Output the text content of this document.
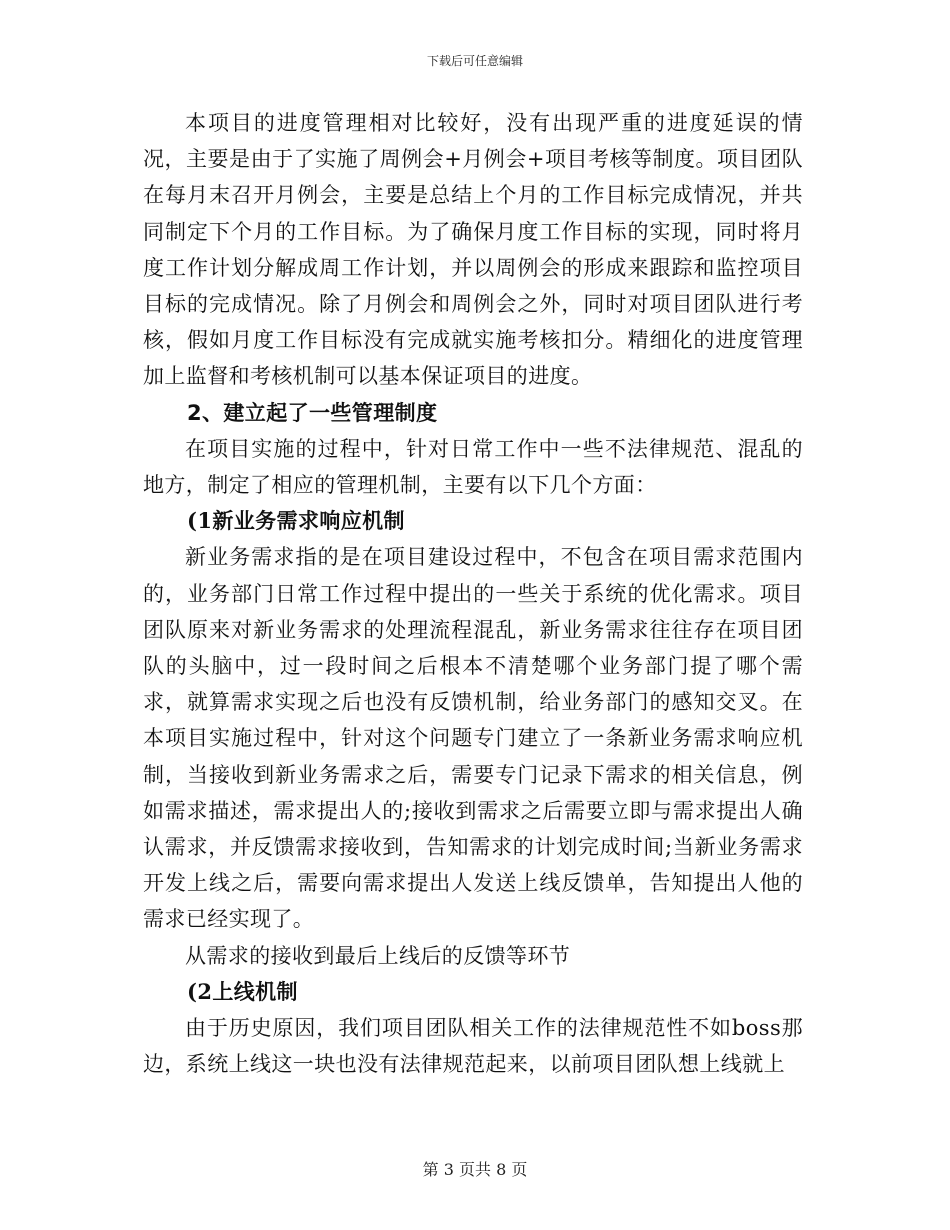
下载后可任意编辑

本项目的进度管理相对比较好，没有出现严重的进度延误的情况，主要是由于了实施了周例会+月例会+项目考核等制度。项目团队在每月末召开月例会，主要是总结上个月的工作目标完成情况，并共同制定下个月的工作目标。为了确保月度工作目标的实现，同时将月度工作计划分解成周工作计划，并以周例会的形成来跟踪和监控项目目标的完成情况。除了月例会和周例会之外，同时对项目团队进行考核，假如月度工作目标没有完成就实施考核扣分。精细化的进度管理加上监督和考核机制可以基本保证项目的进度。

2、建立起了一些管理制度

在项目实施的过程中，针对日常工作中一些不法律规范、混乱的地方，制定了相应的管理机制，主要有以下几个方面：

(1新业务需求响应机制

新业务需求指的是在项目建设过程中，不包含在项目需求范围内的，业务部门日常工作过程中提出的一些关于系统的优化需求。项目团队原来对新业务需求的处理流程混乱，新业务需求往往存在项目团队的头脑中，过一段时间之后根本不清楚哪个业务部门提了哪个需求，就算需求实现之后也没有反馈机制，给业务部门的感知交叉。在本项目实施过程中，针对这个问题专门建立了一条新业务需求响应机制，当接收到新业务需求之后，需要专门记录下需求的相关信息，例如需求描述，需求提出人的;接收到需求之后需要立即与需求提出人确认需求，并反馈需求接收到，告知需求的计划完成时间;当新业务需求开发上线之后，需要向需求提出人发送上线反馈单，告知提出人他的需求已经实现了。

从需求的接收到最后上线后的反馈等环节

(2上线机制

由于历史原因，我们项目团队相关工作的法律规范性不如boss那边，系统上线这一块也没有法律规范起来，以前项目团队想上线就上

第 3 页共 8 页
